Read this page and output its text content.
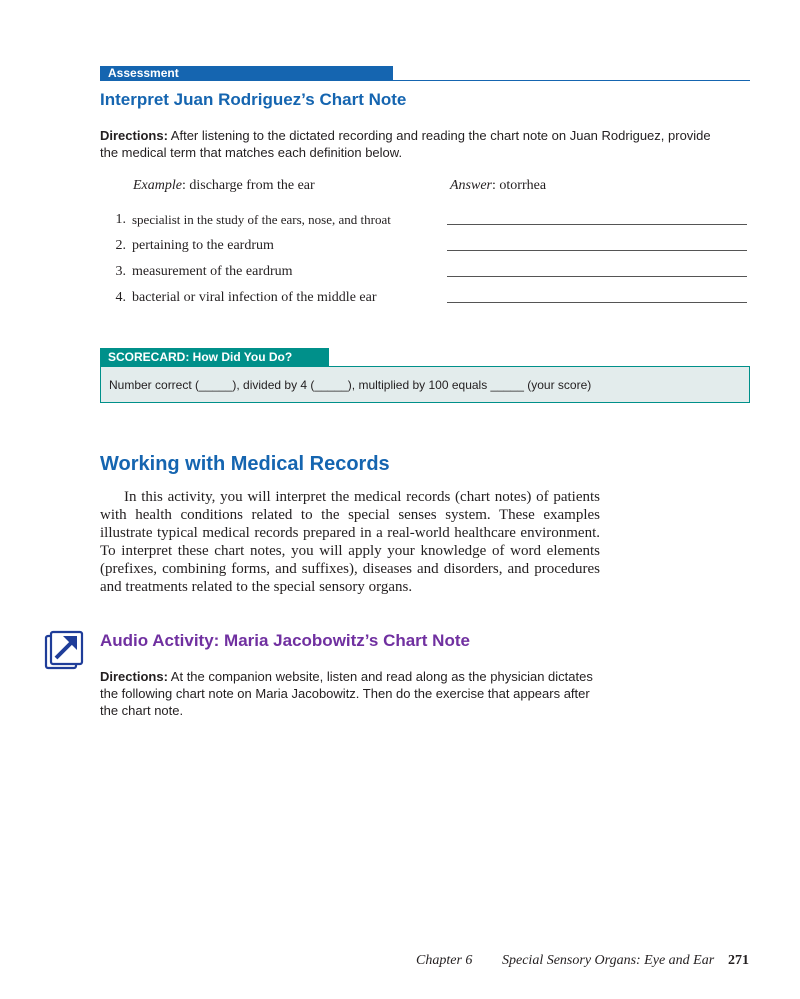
Assessment
Interpret Juan Rodriguez’s Chart Note
Directions: After listening to the dictated recording and reading the chart note on Juan Rodriguez, provide the medical term that matches each definition below.
Example: discharge from the ear	Answer: otorrhea
1. specialist in the study of the ears, nose, and throat
2. pertaining to the eardrum
3. measurement of the eardrum
4. bacterial or viral infection of the middle ear
SCORECARD: How Did You Do?
Number correct (_____), divided by 4 (_____), multiplied by 100 equals _____ (your score)
Working with Medical Records
In this activity, you will interpret the medical records (chart notes) of patients with health conditions related to the special senses system. These examples illustrate typical medical records prepared in a real-world healthcare environment. To interpret these chart notes, you will apply your knowledge of word elements (prefixes, combining forms, and suffixes), diseases and disorders, and procedures and treatments related to the special sensory organs.
Audio Activity: Maria Jacobowitz’s Chart Note
Directions: At the companion website, listen and read along as the physician dictates the following chart note on Maria Jacobowitz. Then do the exercise that appears after the chart note.
Chapter 6 Special Sensory Organs: Eye and Ear 271
